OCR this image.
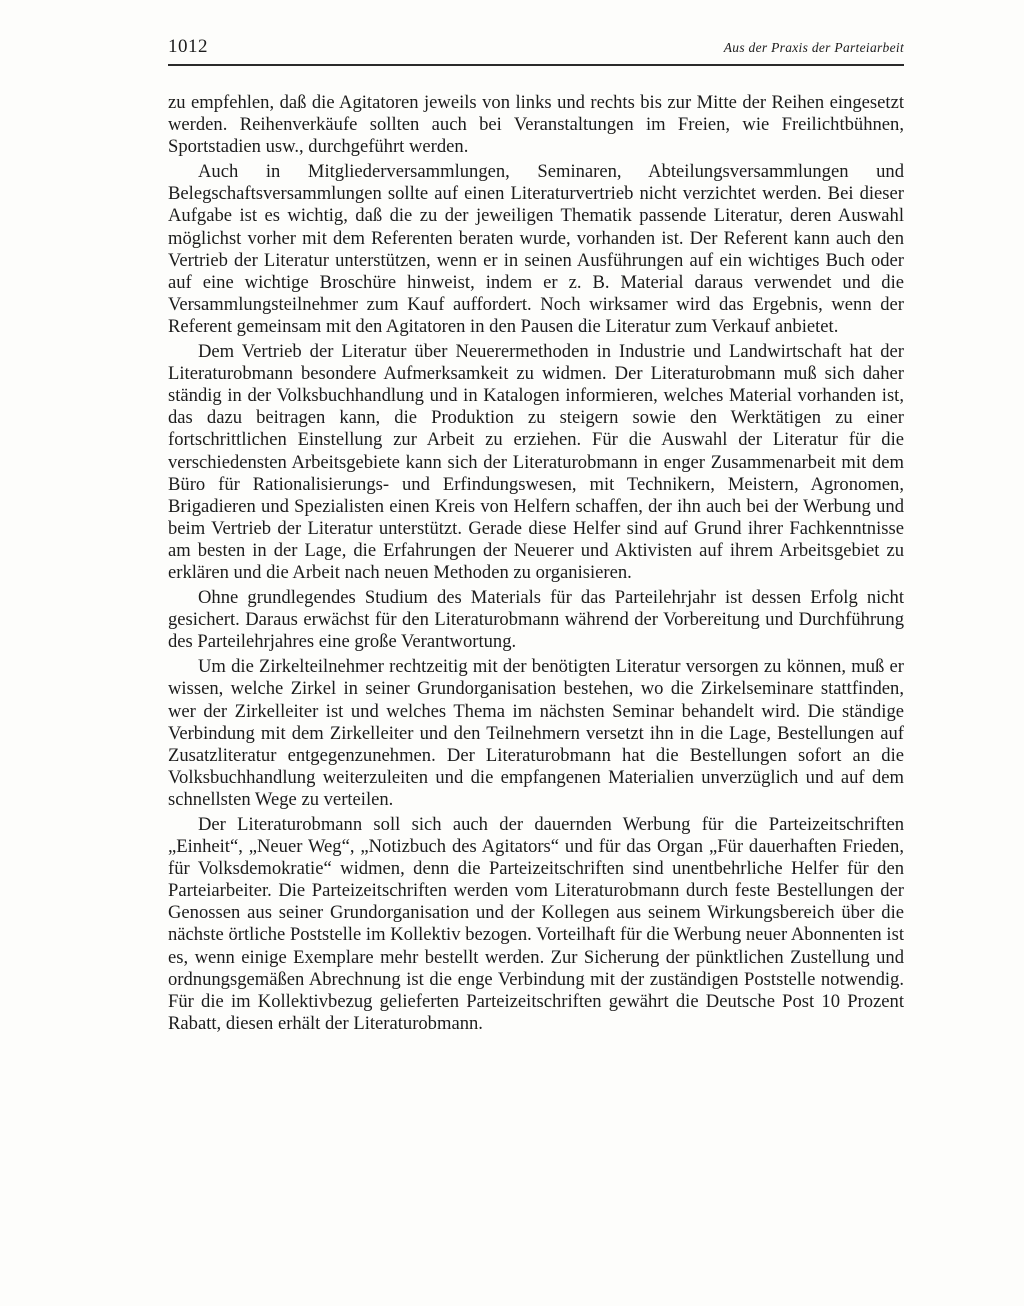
1012	Aus der Praxis der Parteiarbeit

zu empfehlen, daß die Agitatoren jeweils von links und rechts bis zur Mitte der Reihen eingesetzt werden. Reihenverkäufe sollten auch bei Veranstaltungen im Freien, wie Freilichtbühnen, Sportstadien usw., durchgeführt werden.

Auch in Mitgliederversammlungen, Seminaren, Abteilungsversammlungen und Belegschaftsversammlungen sollte auf einen Literaturvertrieb nicht verzichtet werden. Bei dieser Aufgabe ist es wichtig, daß die zu der jeweiligen Thematik passende Literatur, deren Auswahl möglichst vorher mit dem Referenten beraten wurde, vorhanden ist. Der Referent kann auch den Vertrieb der Literatur unterstützen, wenn er in seinen Ausführungen auf ein wichtiges Buch oder auf eine wichtige Broschüre hinweist, indem er z. B. Material daraus verwendet und die Versammlungsteilnehmer zum Kauf auffordert. Noch wirksamer wird das Ergebnis, wenn der Referent gemeinsam mit den Agitatoren in den Pausen die Literatur zum Verkauf anbietet.

Dem Vertrieb der Literatur über Neuerermethoden in Industrie und Landwirtschaft hat der Literaturobmann besondere Aufmerksamkeit zu widmen. Der Literaturobmann muß sich daher ständig in der Volksbuchhandlung und in Katalogen informieren, welches Material vorhanden ist, das dazu beitragen kann, die Produktion zu steigern sowie den Werktätigen zu einer fortschrittlichen Einstellung zur Arbeit zu erziehen. Für die Auswahl der Literatur für die verschiedensten Arbeitsgebiete kann sich der Literaturobmann in enger Zusammenarbeit mit dem Büro für Rationalisierungs- und Erfindungswesen, mit Technikern, Meistern, Agronomen, Brigadieren und Spezialisten einen Kreis von Helfern schaffen, der ihn auch bei der Werbung und beim Vertrieb der Literatur unterstützt. Gerade diese Helfer sind auf Grund ihrer Fachkenntnisse am besten in der Lage, die Erfahrungen der Neuerer und Aktivisten auf ihrem Arbeitsgebiet zu erklären und die Arbeit nach neuen Methoden zu organisieren.

Ohne grundlegendes Studium des Materials für das Parteilehrjahr ist dessen Erfolg nicht gesichert. Daraus erwächst für den Literaturobmann während der Vorbereitung und Durchführung des Parteilehrjahres eine große Verantwortung.

Um die Zirkelteilnehmer rechtzeitig mit der benötigten Literatur versorgen zu können, muß er wissen, welche Zirkel in seiner Grundorganisation bestehen, wo die Zirkelseminare stattfinden, wer der Zirkelleiter ist und welches Thema im nächsten Seminar behandelt wird. Die ständige Verbindung mit dem Zirkelleiter und den Teilnehmern versetzt ihn in die Lage, Bestellungen auf Zusatzliteratur entgegenzunehmen. Der Literaturobmann hat die Bestellungen sofort an die Volksbuchhandlung weiterzuleiten und die empfangenen Materialien unverzüglich und auf dem schnellsten Wege zu verteilen.

Der Literaturobmann soll sich auch der dauernden Werbung für die Parteizeitschriften „Einheit“, „Neuer Weg“, „Notizbuch des Agitators“ und für das Organ „Für dauerhaften Frieden, für Volksdemokratie“ widmen, denn die Parteizeitschriften sind unentbehrliche Helfer für den Parteiarbeiter. Die Parteizeitschriften werden vom Literaturobmann durch feste Bestellungen der Genossen aus seiner Grundorganisation und der Kollegen aus seinem Wirkungsbereich über die nächste örtliche Poststelle im Kollektiv bezogen. Vorteilhaft für die Werbung neuer Abonnenten ist es, wenn einige Exemplare mehr bestellt werden. Zur Sicherung der pünktlichen Zustellung und ordnungsgemäßen Abrechnung ist die enge Verbindung mit der zuständigen Poststelle notwendig. Für die im Kollektivbezug gelieferten Parteizeitschriften gewährt die Deutsche Post 10 Prozent Rabatt, diesen erhält der Literaturobmann.
